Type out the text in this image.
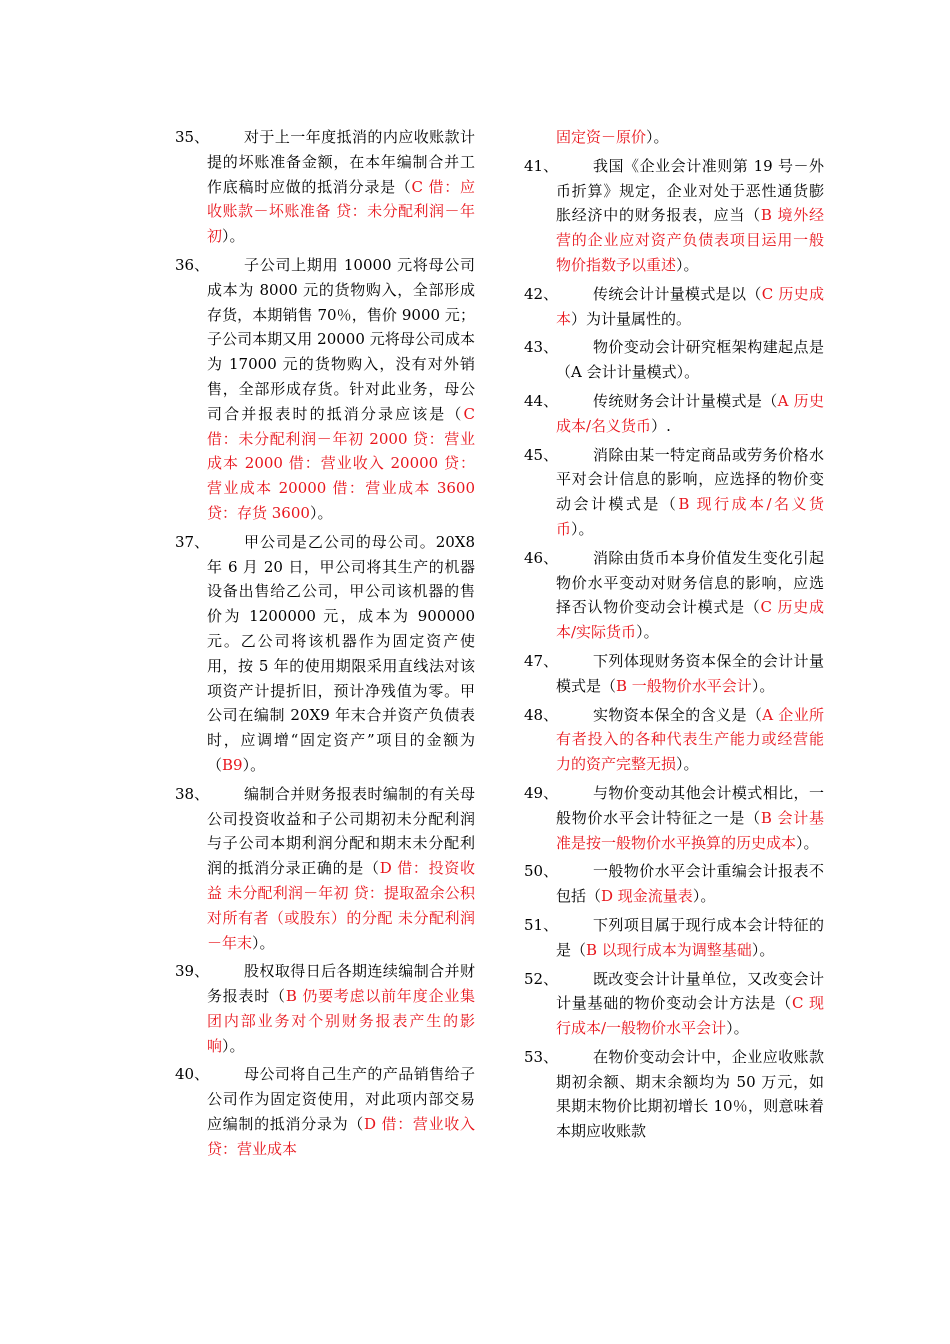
35、	对于上一年度抵消的内应收账款计提的坏账准备金额，在本年编制合并工作底稿时应做的抵消分录是（C 借：应收账款－坏账准备 贷：未分配利润－年初）。
36、	子公司上期用 10000 元将母公司成本为 8000 元的货物购入，全部形成存货，本期销售 70％，售价 9000 元；子公司本期又用 20000 元将母公司成本为 17000 元的货物购入，没有对外销售，全部形成存货。针对此业务，母公司合并报表时的抵消分录应该是（C 借：未分配利润－年初 2000 贷：营业成本 2000 借：营业收入 20000 贷：营业成本 20000 借：营业成本 3600 贷：存货 3600）。
37、	甲公司是乙公司的母公司。20X8 年 6 月 20 日，甲公司将其生产的机器设备出售给乙公司，甲公司该机器的售价为 1200000 元，成本为 900000 元。乙公司将该机器作为固定资产使用，按 5 年的使用期限采用直线法对该项资产计提折旧，预计净残值为零。甲公司在编制 20X9 年末合并资产负债表时，应调增“固定资产”项目的金额为（B9）。
38、	编制合并财务报表时编制的有关母公司投资收益和子公司期初未分配利润与子公司本期利润分配和期末未分配利润的抵消分录正确的是（D 借：投资收益 未分配利润－年初 贷：提取盈余公积 对所有者（或股东）的分配 未分配利润－年末）。
39、	股权取得日后各期连续编制合并财务报表时（B 仍要考虑以前年度企业集团内部业务对个别财务报表产生的影响）。
40、	母公司将自己生产的产品销售给子公司作为固定资使用，对此项内部交易应编制的抵消分录为（D 借：营业收入 贷：营业成本
固定资－原价）。
41、	我国《企业会计准则第 19 号－外币折算》规定，企业对处于恶性通货膨胀经济中的财务报表，应当（B 境外经营的企业应对资产负债表项目运用一般物价指数予以重述）。
42、	传统会计计量模式是以（C 历史成本）为计量属性的。
43、	物价变动会计研究框架构建起点是（A 会计计量模式）。
44、	传统财务会计计量模式是（A 历史成本/名义货币）.
45、	消除由某一特定商品或劳务价格水平对会计信息的影响，应选择的物价变动会计模式是（B 现行成本/名义货币）。
46、	消除由货币本身价值发生变化引起物价水平变动对财务信息的影响，应选择否认物价变动会计模式是（C 历史成本/实际货币）。
47、	下列体现财务资本保全的会计计量模式是（B 一般物价水平会计）。
48、	实物资本保全的含义是（A 企业所有者投入的各种代表生产能力或经营能力的资产完整无损）。
49、	与物价变动其他会计模式相比，一般物价水平会计特征之一是（B 会计基准是按一般物价水平换算的历史成本）。
50、	一般物价水平会计重编会计报表不包括（D 现金流量表）。
51、	下列项目属于现行成本会计特征的是（B 以现行成本为调整基础）。
52、	既改变会计计量单位，又改变会计计量基础的物价变动会计方法是（C 现行成本/一般物价水平会计）。
53、	在物价变动会计中，企业应收账款期初余额、期末余额均为 50 万元，如果期末物价比期初增长 10％，则意味着本期应收账款
